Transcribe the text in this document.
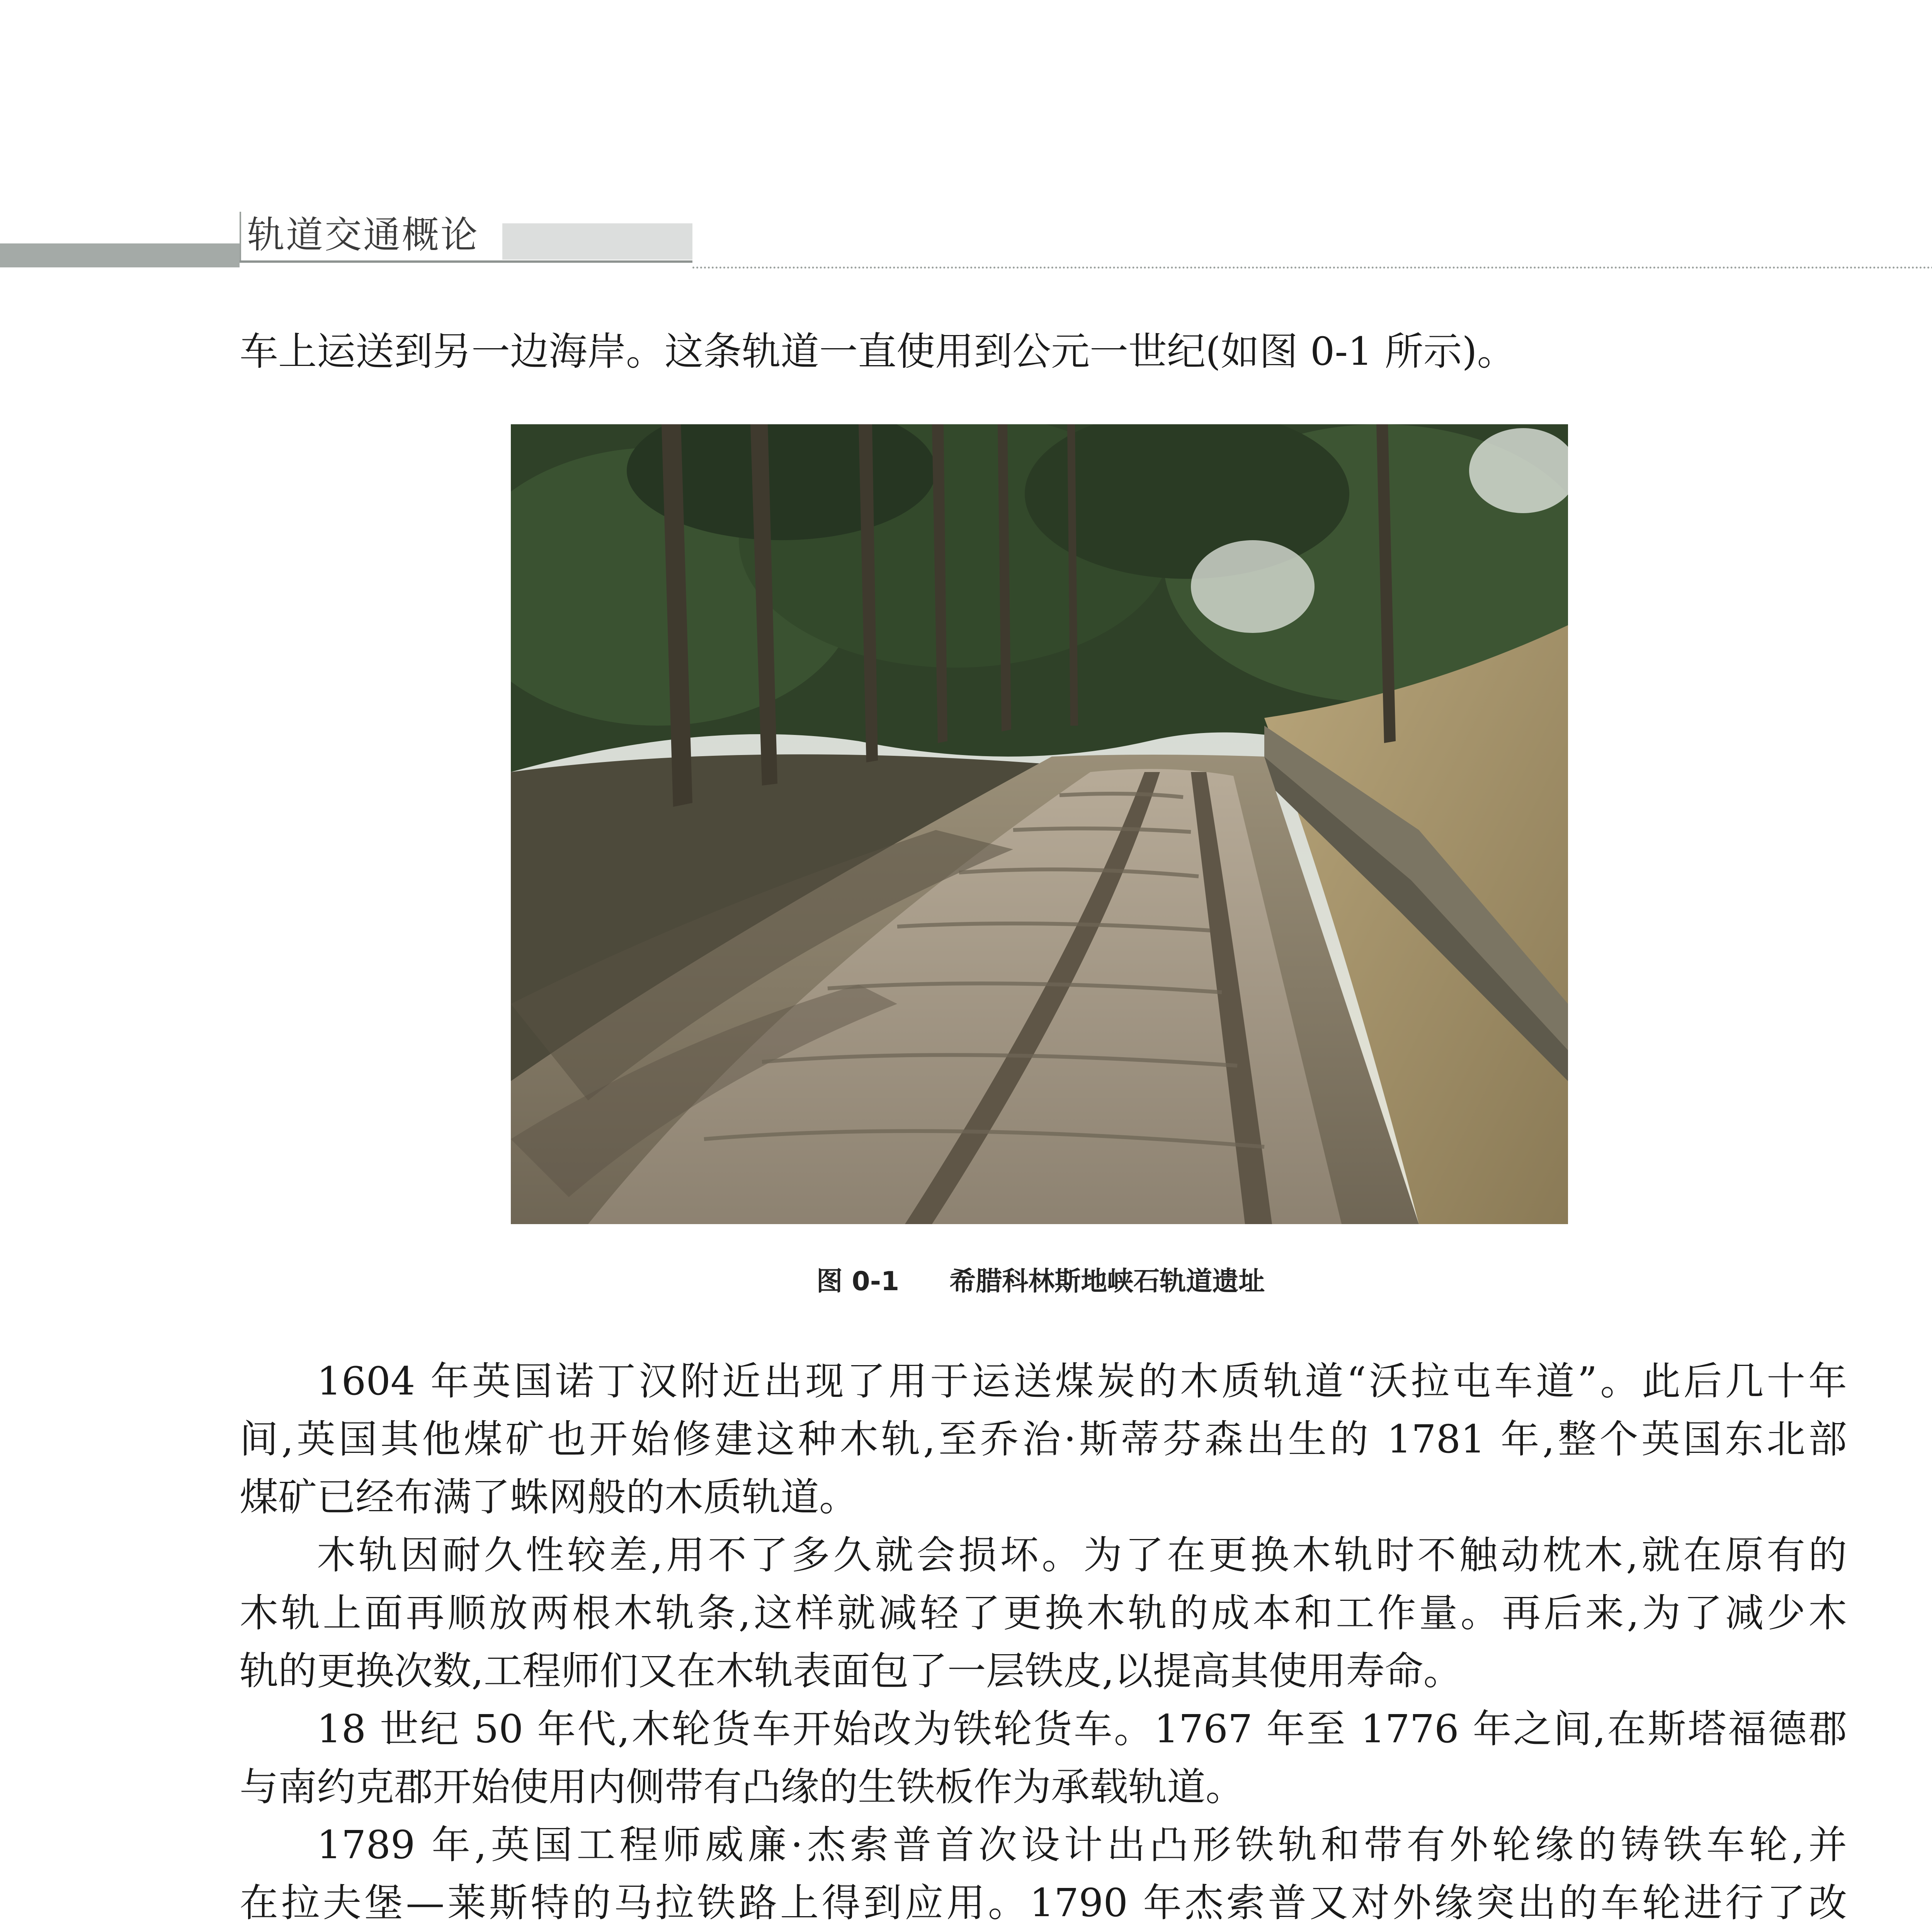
轨道交通概论
车上运送到另一边海岸。这条轨道一直使用到公元一世纪(如图 0-1 所示)。
图 0-1 希腊科林斯地峡石轨道遗址
1604 年英国诺丁汉附近出现了用于运送煤炭的木质轨道“沃拉屯车道”。此后几十年
间,英国其他煤矿也开始修建这种木轨,至乔治·斯蒂芬森出生的 1781 年,整个英国东北部
煤矿已经布满了蛛网般的木质轨道。
木轨因耐久性较差,用不了多久就会损坏。为了在更换木轨时不触动枕木,就在原有的
木轨上面再顺放两根木轨条,这样就减轻了更换木轨的成本和工作量。再后来,为了减少木
轨的更换次数,工程师们又在木轨表面包了一层铁皮,以提高其使用寿命。
18 世纪 50 年代,木轮货车开始改为铁轮货车。1767 年至 1776 年之间,在斯塔福德郡
与南约克郡开始使用内侧带有凸缘的生铁板作为承载轨道。
1789 年,英国工程师威廉·杰索普首次设计出凸形铁轨和带有外轮缘的铸铁车轮,并
在拉夫堡—莱斯特的马拉铁路上得到应用。1790 年杰索普又对外缘突出的车轮进行了改
